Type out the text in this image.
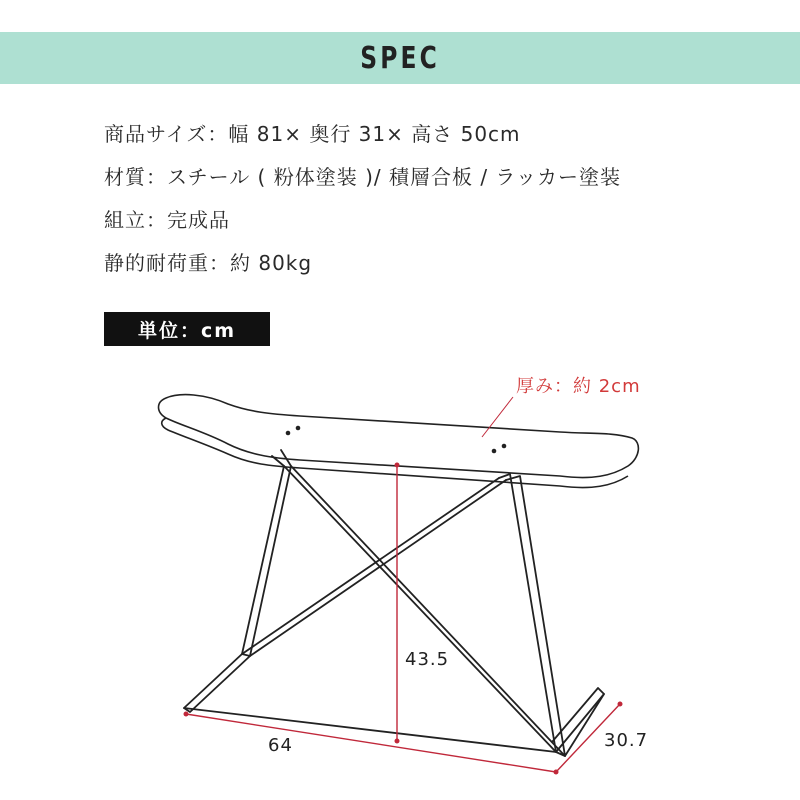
SPEC
商品サイズ：幅 81× 奥行 31× 高さ 50cm
材質：スチール ( 粉体塗装 )/ 積層合板 / ラッカー塗装
組立：完成品
静的耐荷重：約 80kg
単位：cm
厚み：約 2cm
43.5
64	30.7
